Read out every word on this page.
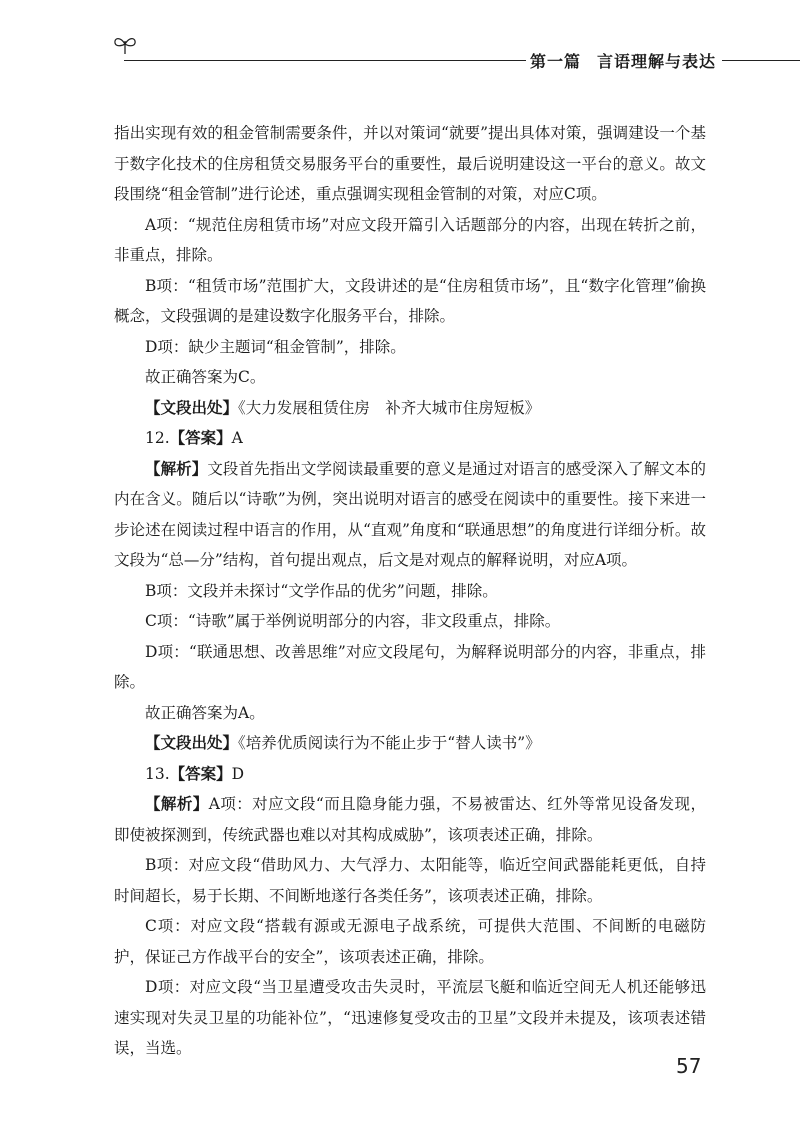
第一篇 言语理解与表达

指出实现有效的租金管制需要条件，并以对策词“就要”提出具体对策，强调建设一个基于数字化技术的住房租赁交易服务平台的重要性，最后说明建设这一平台的意义。故文段围绕“租金管制”进行论述，重点强调实现租金管制的对策，对应C项。

A项：“规范住房租赁市场”对应文段开篇引入话题部分的内容，出现在转折之前，非重点，排除。

B项：“租赁市场”范围扩大，文段讲述的是“住房租赁市场”，且“数字化管理”偷换概念，文段强调的是建设数字化服务平台，排除。

D项：缺少主题词“租金管制”，排除。

故正确答案为C。

【文段出处】《大力发展租赁住房　补齐大城市住房短板》

12.【答案】A

【解析】文段首先指出文学阅读最重要的意义是通过对语言的感受深入了解文本的内在含义。随后以“诗歌”为例，突出说明对语言的感受在阅读中的重要性。接下来进一步论述在阅读过程中语言的作用，从“直观”角度和“联通思想”的角度进行详细分析。故文段为“总—分”结构，首句提出观点，后文是对观点的解释说明，对应A项。

B项：文段并未探讨“文学作品的优劣”问题，排除。

C项：“诗歌”属于举例说明部分的内容，非文段重点，排除。

D项：“联通思想、改善思维”对应文段尾句，为解释说明部分的内容，非重点，排除。

故正确答案为A。

【文段出处】《培养优质阅读行为不能止步于“替人读书”》

13.【答案】D

【解析】A项：对应文段“而且隐身能力强，不易被雷达、红外等常见设备发现，即使被探测到，传统武器也难以对其构成威胁”，该项表述正确，排除。

B项：对应文段“借助风力、大气浮力、太阳能等，临近空间武器能耗更低，自持时间超长，易于长期、不间断地遂行各类任务”，该项表述正确，排除。

C项：对应文段“搭载有源或无源电子战系统，可提供大范围、不间断的电磁防护，保证己方作战平台的安全”，该项表述正确，排除。

D项：对应文段“当卫星遭受攻击失灵时，平流层飞艇和临近空间无人机还能够迅速实现对失灵卫星的功能补位”，“迅速修复受攻击的卫星”文段并未提及，该项表述错误，当选。

57
